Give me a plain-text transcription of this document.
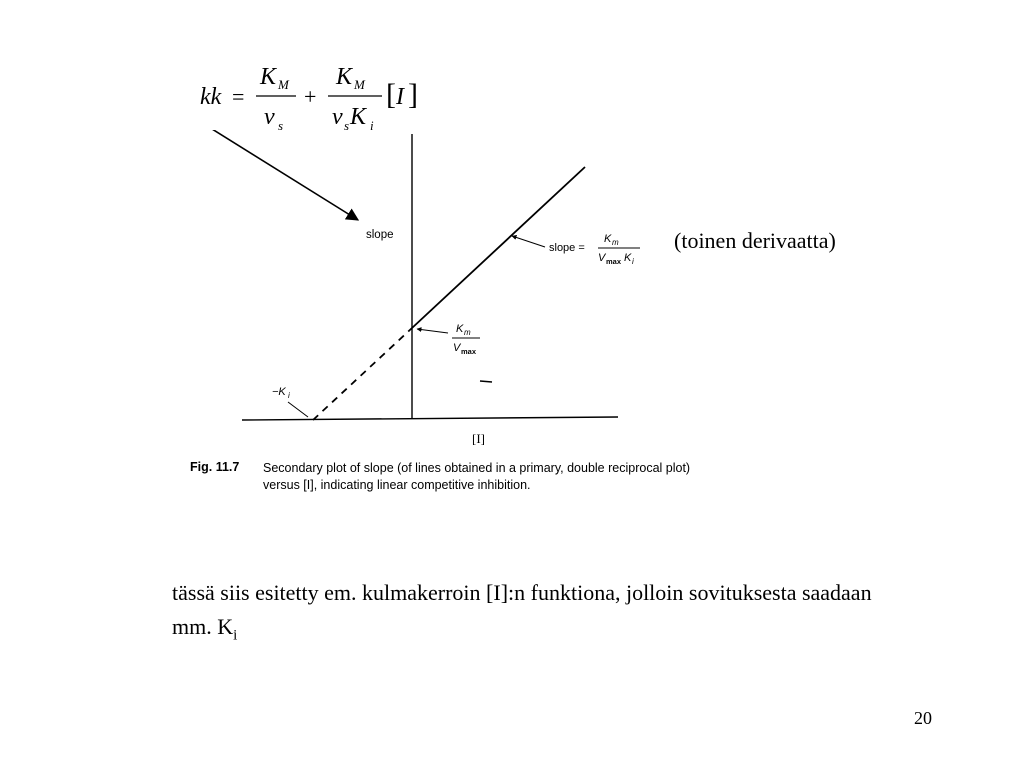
kk =
K M
v s
+
K M
v s K i
[ I ]
slope
[I]
−K i
K m
V max
slope =
K m
V max K i
(toinen derivaatta)
Fig. 11.7 Secondary plot of slope (of lines obtained in a primary, double reciprocal plot) versus [I], indicating linear competitive inhibition.
tässä siis esitetty em. kulmakerroin [I]:n funktiona, jolloin sovituksesta saadaan mm. $K_i$
20
